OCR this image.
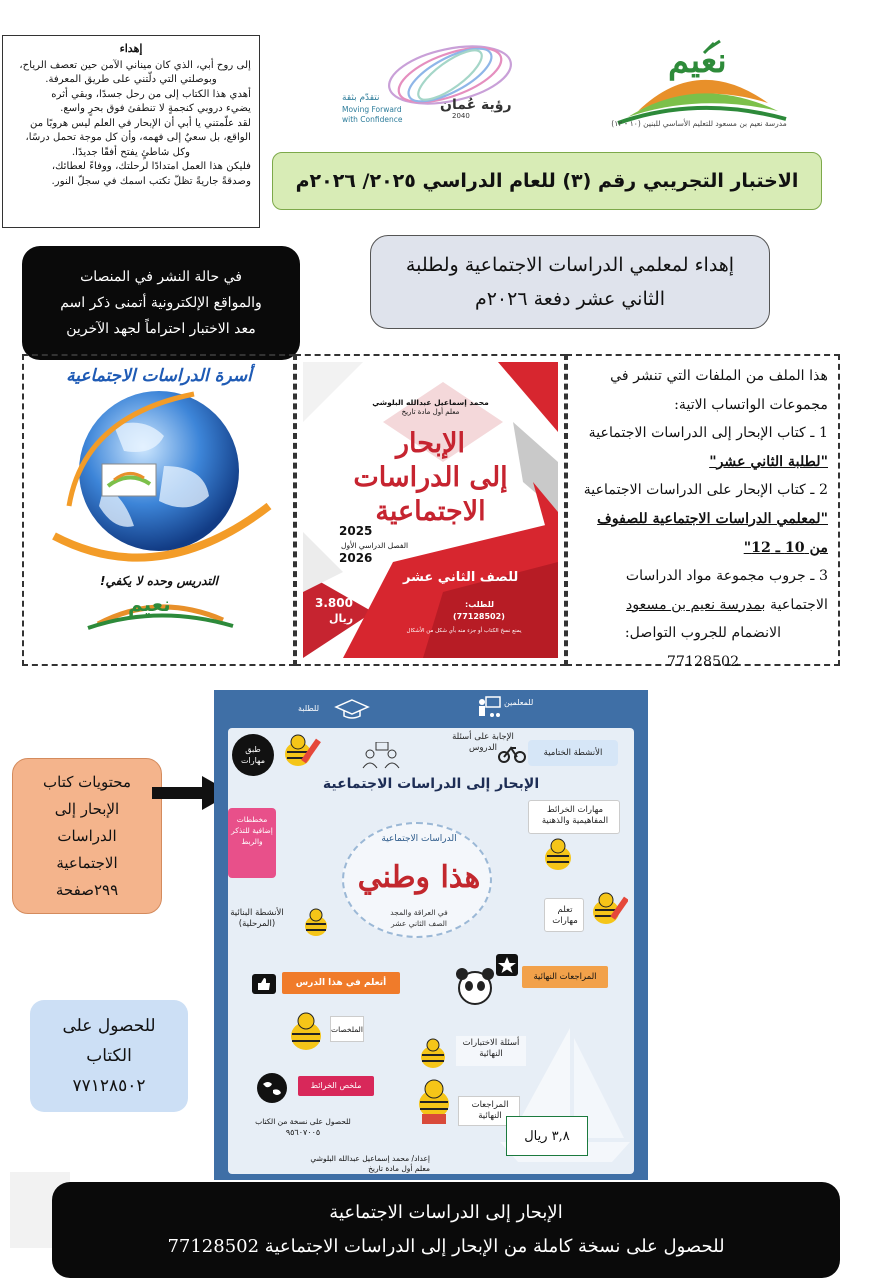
إهداء
إلى روح أبي، الذي كان ميناني الآمن حين تعصف الرياح،
وبوصلتي التي دلّتني على طريق المعرفة.
أهدي هذا الكتاب إلى من رحل جسدًا، وبقي أثره
يضيء دروبي كنجمةٍ لا تنطفئ فوق بحرٍ واسع.
لقد علّمتني يا أبي أن الإبحار في العلم ليس هروبًا من
الواقع، بل سعيٌ إلى فهمه، وأن كل موجة تحمل درسًا،
وكل شاطئٍ يفتح أفقًا جديدًا.
فليكن هذا العمل امتدادًا لرحلتك، ووفاءً لعطائك،
وصدقةً جاريةً تظلّ تكتب اسمك في سجلّ النور.
رؤية عُمان
2040
نتقدّم بثقة
Moving Forward
with Confidence
نعيم
مدرسة نعيم بن مسعود للتعليم الأساسي للبنين (١٠ - ١٢)
الاختبار التجريبي رقم (٣) للعام الدراسي ٢٠٢٥/ ٢٠٢٦م
إهداء لمعلمي الدراسات الاجتماعية ولطلبة
الثاني عشر دفعة ٢٠٢٦م
في حالة النشر في المنصات
والمواقع الإلكترونية أتمنى ذكر اسم
معد الاختبار احتراماً لجهد الآخرين
هذا الملف من الملفات التي تنشر في مجموعات الواتساب الاتية:
1 ـ كتاب الإبحار إلى الدراسات الاجتماعية "لطلبة الثاني عشر"
2 ـ كتاب الإبحار على الدراسات الاجتماعية "لمعلمي الدراسات الاجتماعية للصفوف من 10 ـ 12"
3 ـ جروب مجموعة مواد الدراسات الاجتماعية بمدرسة نعيم بن مسعود
الانضمام للجروب التواصل:
77128502
محمد إسماعيل عبدالله البلوشي
معلم أول مادة تاريخ
الإبحار
إلى الدراسات
الاجتماعية
2025
الفصل الدراسي الأول
2026
للصف الثاني عشر
3.800
ريال
للطلب:
(77128502)
يمنع نسخ الكتاب أو جزء منه بأي شكل من الأشكال
أسرة الدراسات الاجتماعية
التدريس وحده لا يكفي!
نعيم
محتويات كتاب
الإبحار إلى
الدراسات
الاجتماعية
٢٩٩صفحة
للمعلمين
للطلبة
طبق مهارات
الإجابة على أسئلة الدروس	الأنشطة الختامية
الإبحار إلى الدراسات الاجتماعية
مخططات إضافية للتذكر والربط
مهارات الخرائط المفاهيمية والذهنية
الدراسات الاجتماعية
هذا وطني
في العراقة والمجد
الصف الثاني عشر
تعلم مهارات
الأنشطة البنائية (المرحلية)
أتعلم في هذا الدرس
المراجعات النهائية
الملخصات
أسئلة الاختبارات النهائية
ملخص الخرائط
المراجعات النهائية
للحصول على نسخة من الكتاب
٩٥٦٠٧٠٠٥	٣,٨ ريال
إعداد/ محمد إسماعيل عبدالله البلوشي
معلم أول مادة تاريخ
للحصول على
الكتاب
٧٧١٢٨٥٠٢
الإبحار إلى الدراسات الاجتماعية
للحصول على نسخة كاملة من الإبحار إلى الدراسات الاجتماعية 77128502
